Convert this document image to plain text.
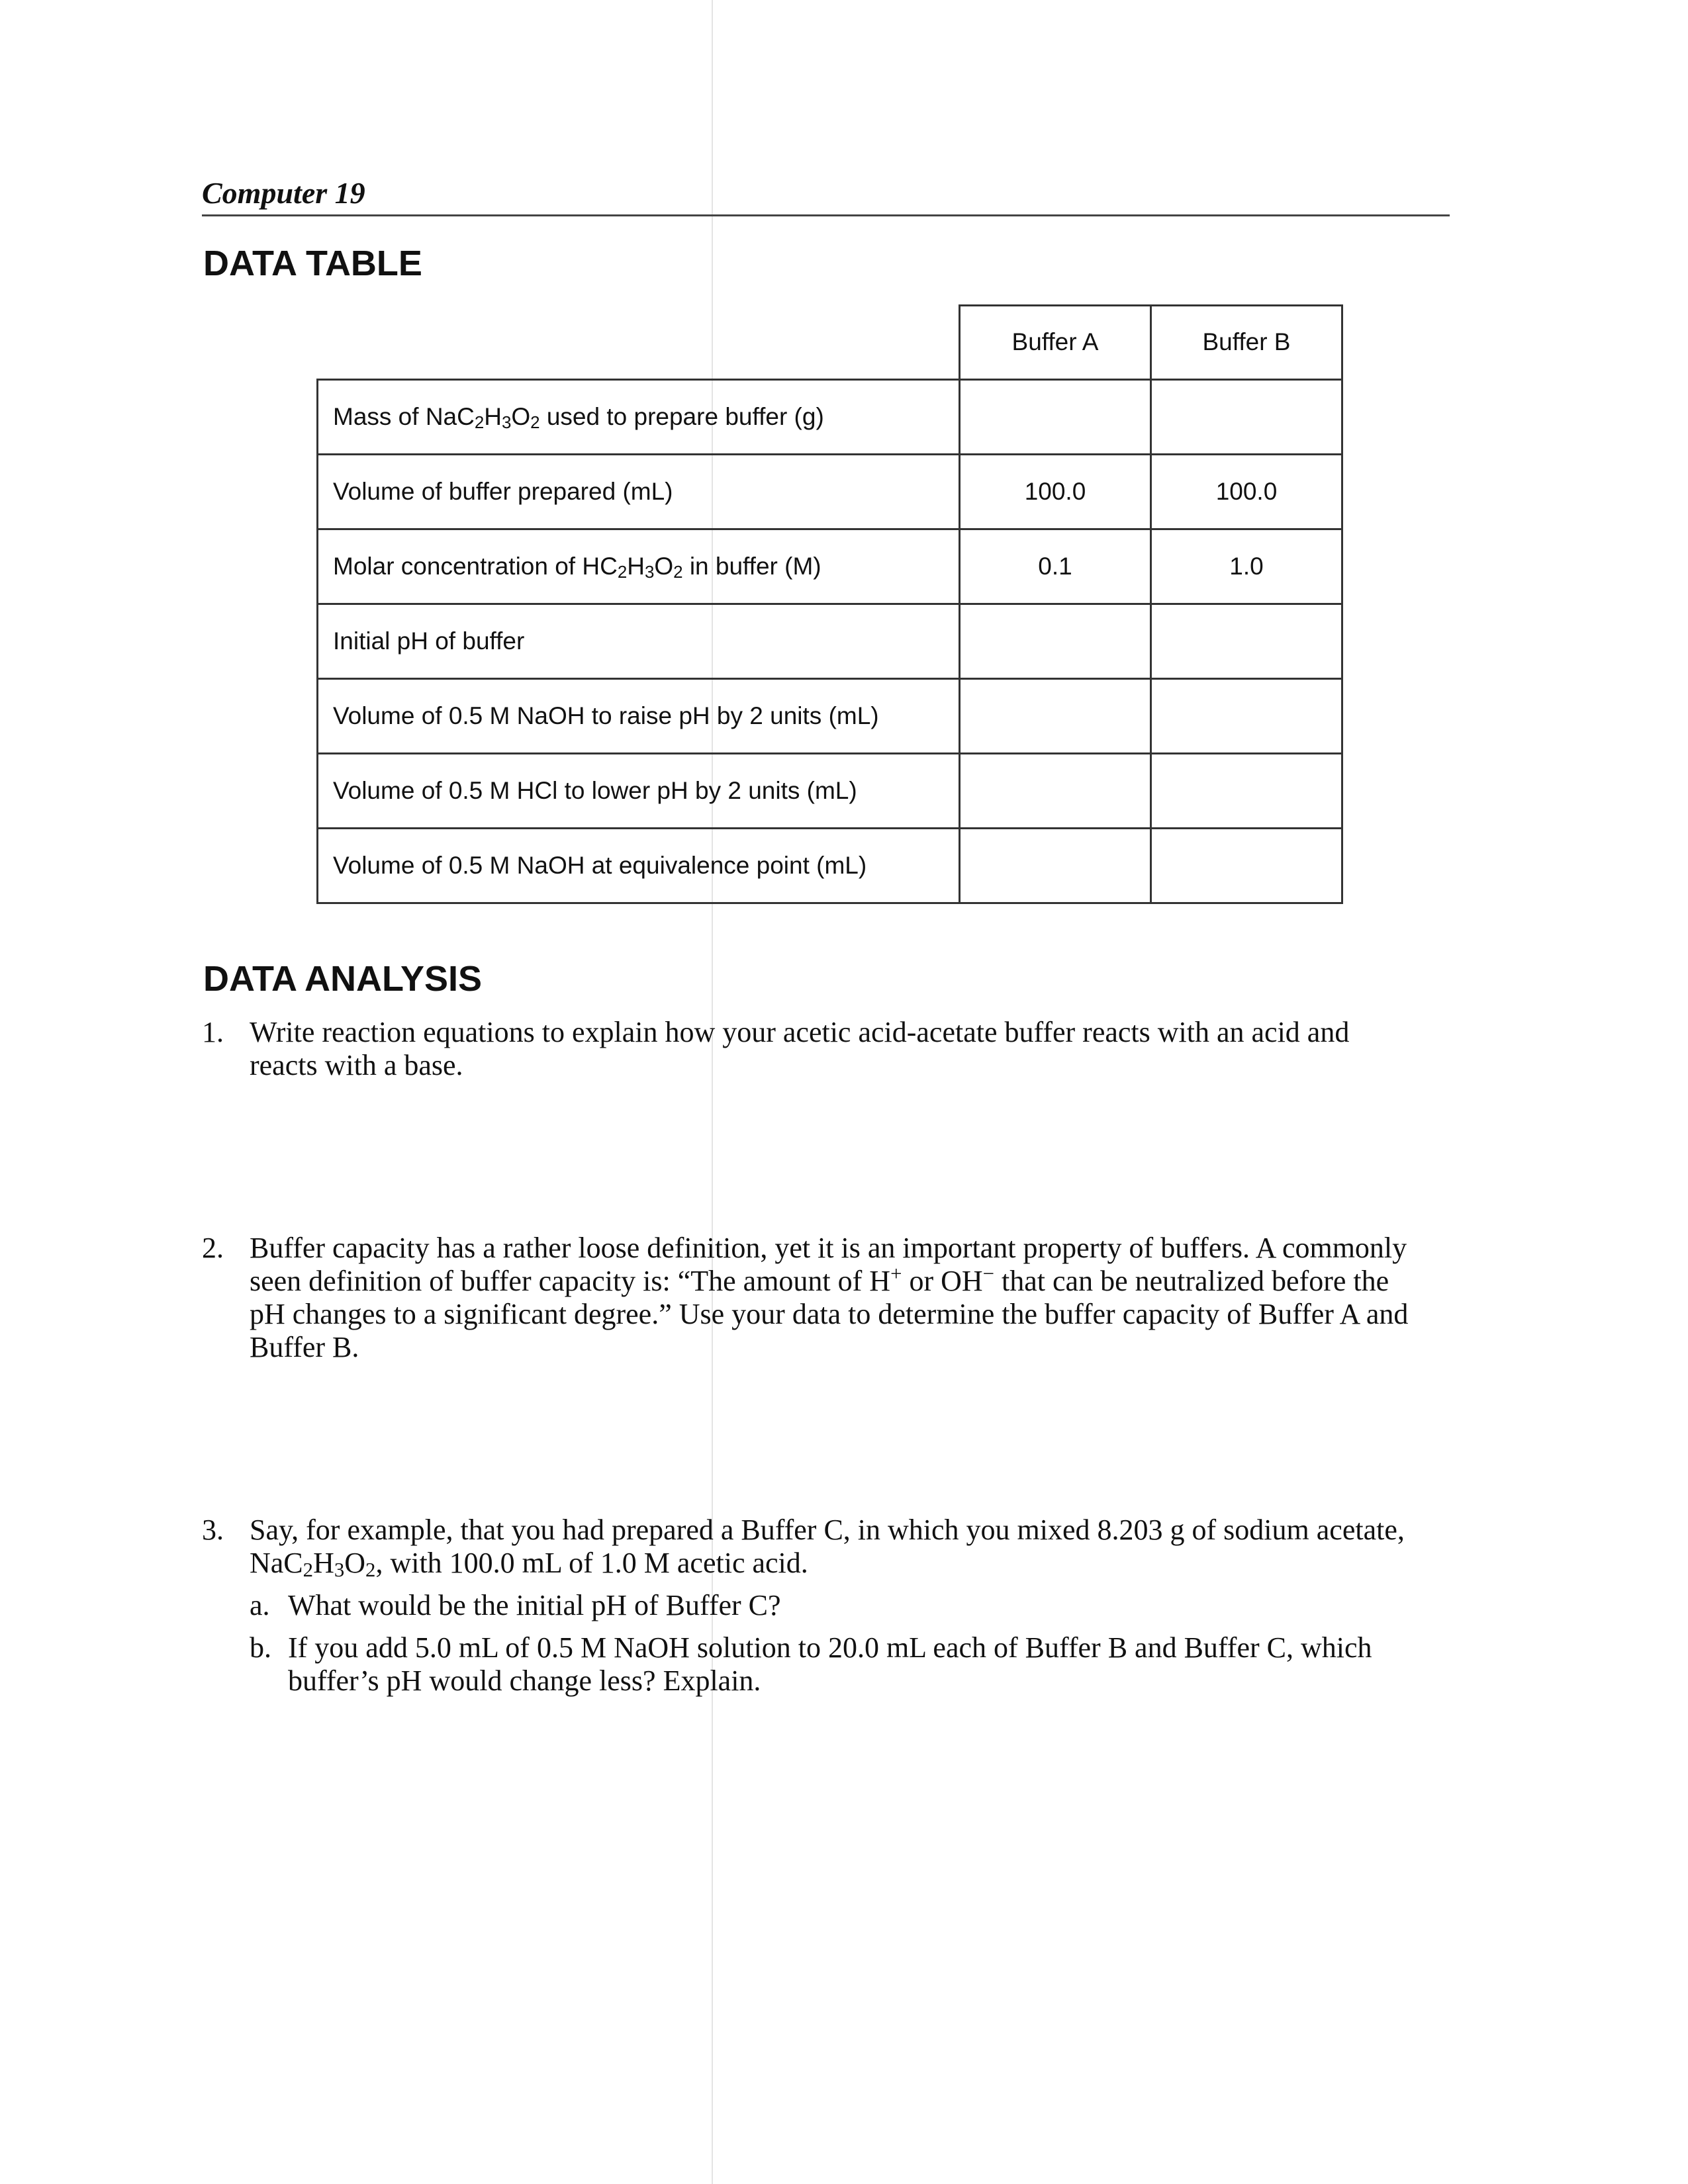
Computer 19
DATA TABLE
	Buffer A	Buffer B
Mass of $NaC_2H_3O_2$ used to prepare buffer (g)		
Volume of buffer prepared (mL)	100.0	100.0
Molar concentration of $HC_2H_3O_2$ in buffer (M)	0.1	1.0
Initial pH of buffer		
Volume of 0.5 M NaOH to raise pH by 2 units (mL)		
Volume of 0.5 M HCl to lower pH by 2 units (mL)		
Volume of 0.5 M NaOH at equivalence point (mL)		
DATA ANALYSIS
1. Write reaction equations to explain how your acetic acid-acetate buffer reacts with an acid and reacts with a base.
2. Buffer capacity has a rather loose definition, yet it is an important property of buffers. A commonly seen definition of buffer capacity is: “The amount of H+ or OH− that can be neutralized before the pH changes to a significant degree.” Use your data to determine the buffer capacity of Buffer A and Buffer B.
3. Say, for example, that you had prepared a Buffer C, in which you mixed 8.203 g of sodium acetate, $NaC_2H_3O_2$, with 100.0 mL of 1.0 M acetic acid.
a. What would be the initial pH of Buffer C?
b. If you add 5.0 mL of 0.5 M NaOH solution to 20.0 mL each of Buffer B and Buffer C, which buffer’s pH would change less? Explain.
